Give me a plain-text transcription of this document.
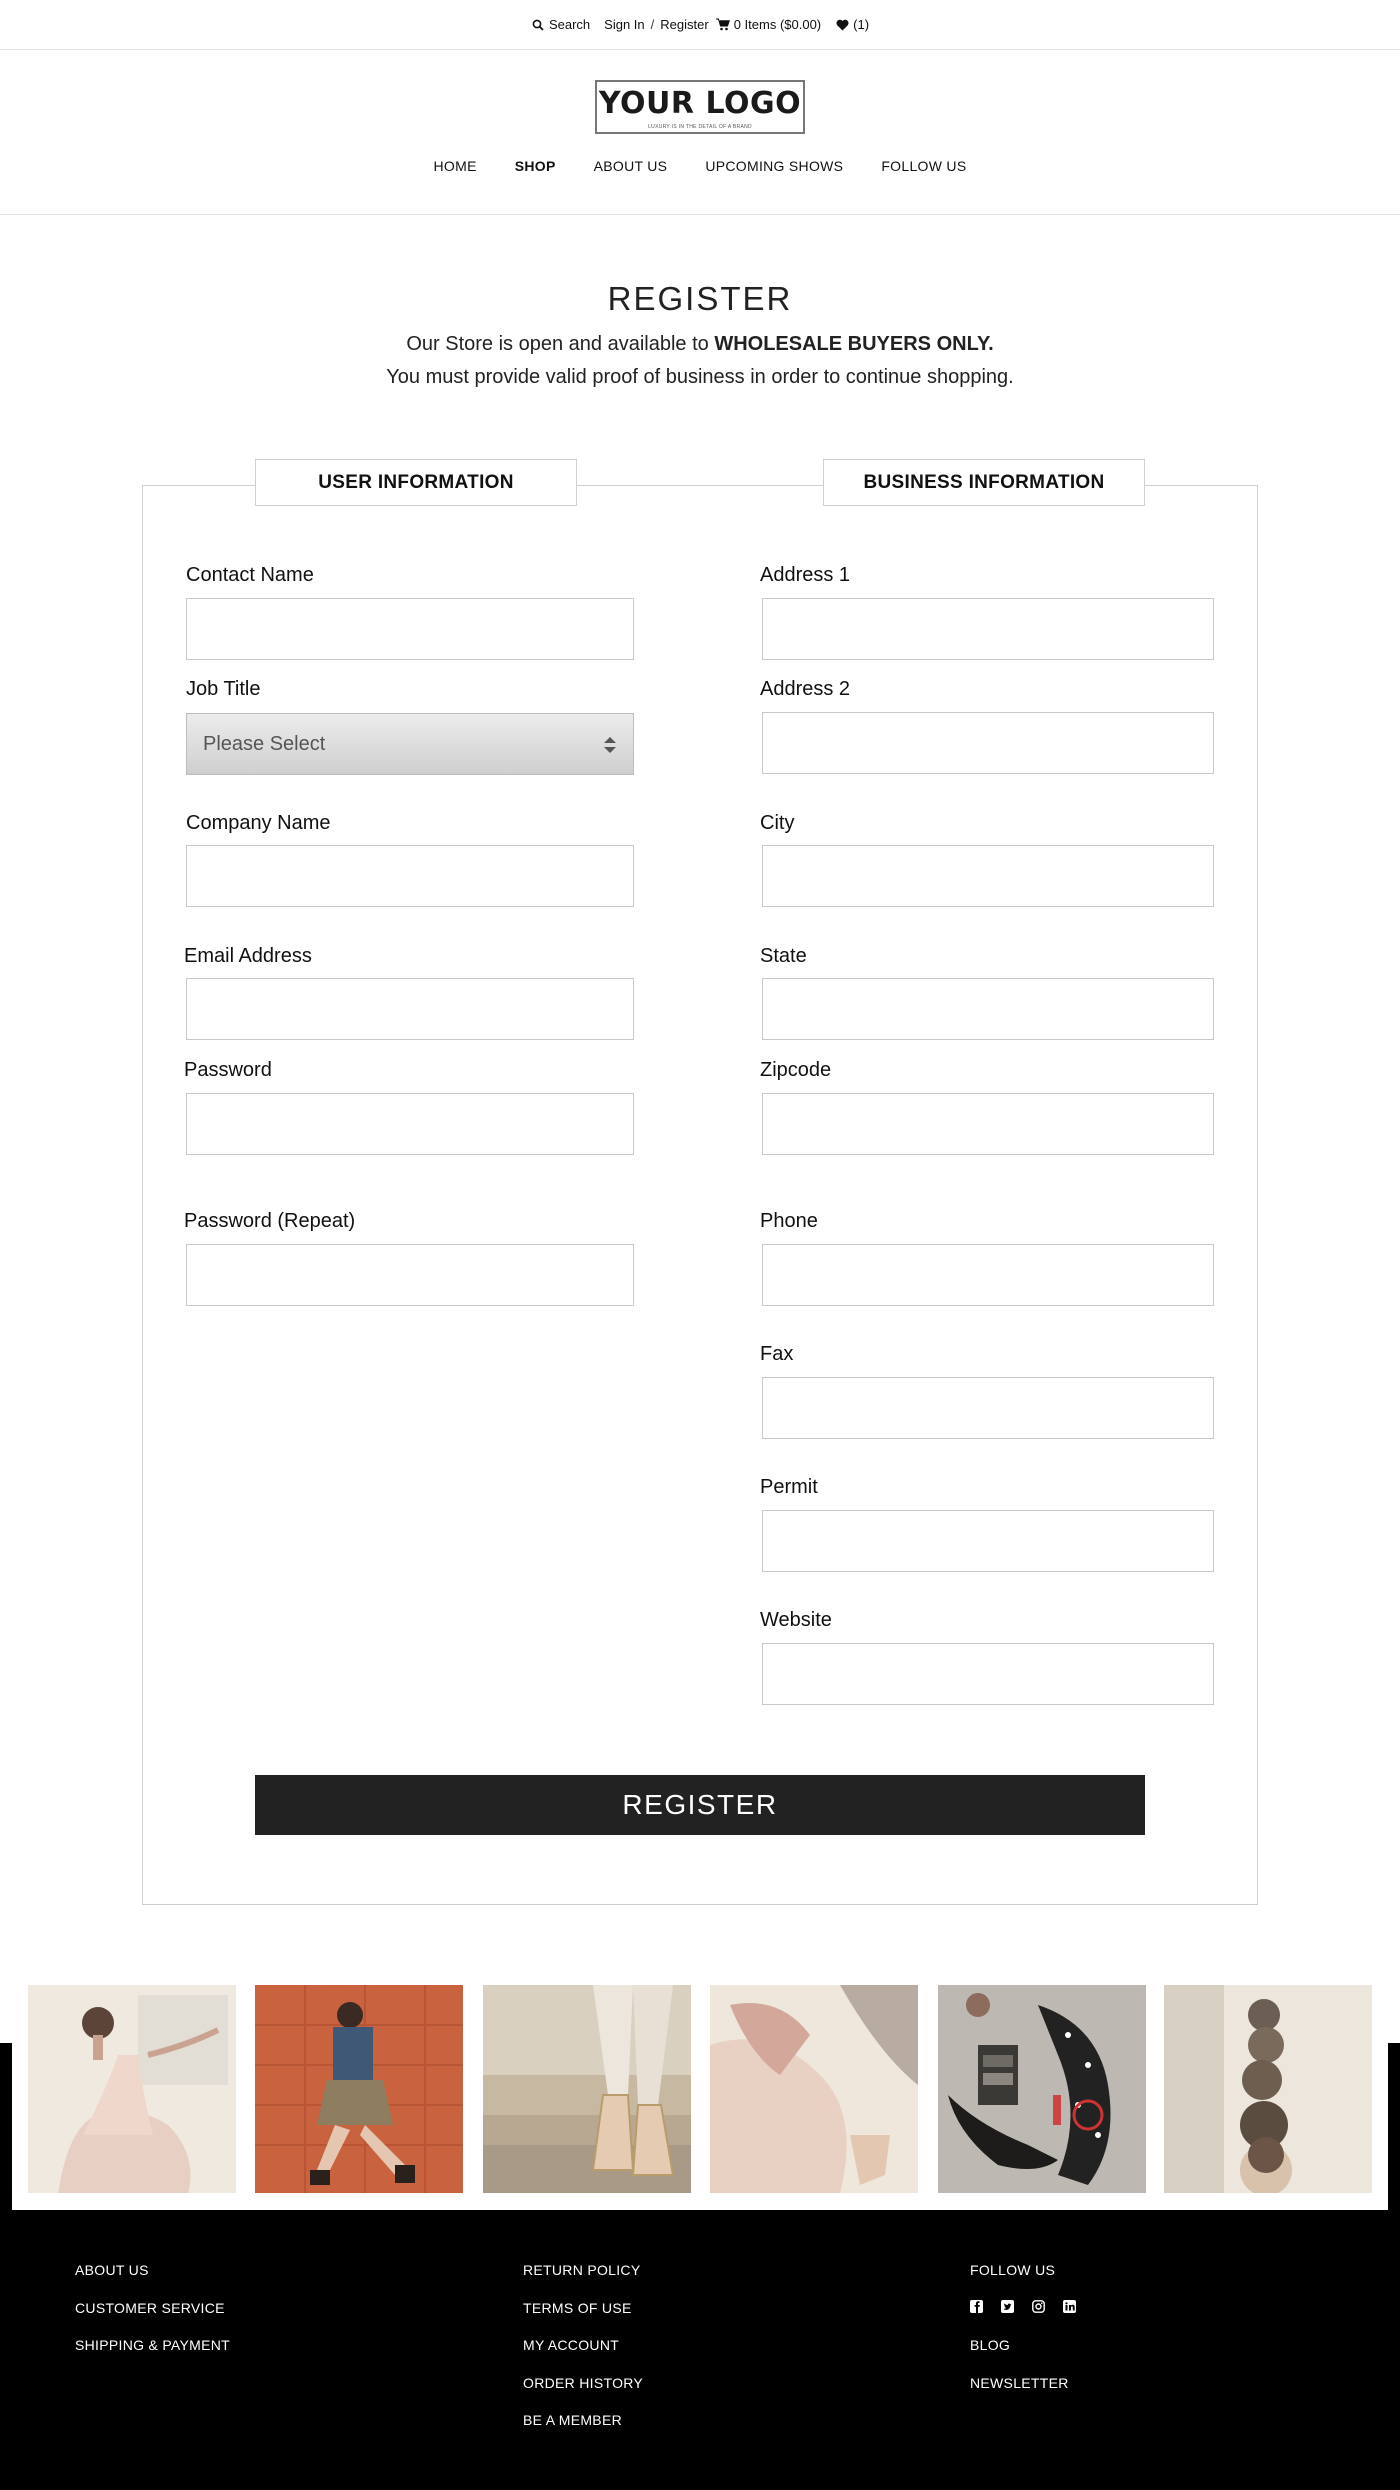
Search Sign In / Register 0 Items ($0.00) (1)
YOUR LOGO
LUXURY IS IN THE DETAIL OF A BRAND
HOME	SHOP	ABOUT US	UPCOMING SHOWS	FOLLOW US
REGISTER
Our Store is open and available to WHOLESALE BUYERS ONLY.
You must provide valid proof of business in order to continue shopping.
USER INFORMATION	BUSINESS INFORMATION
Contact Name
Job Title
Please Select
Company Name
Email Address
Password
Password (Repeat)
Address 1
Address 2
City
State
Zipcode
Phone
Fax
Permit
Website
REGISTER
ABOUT US
CUSTOMER SERVICE
SHIPPING & PAYMENT
RETURN POLICY
TERMS OF USE
MY ACCOUNT
ORDER HISTORY
BE A MEMBER
FOLLOW US
BLOG
NEWSLETTER
